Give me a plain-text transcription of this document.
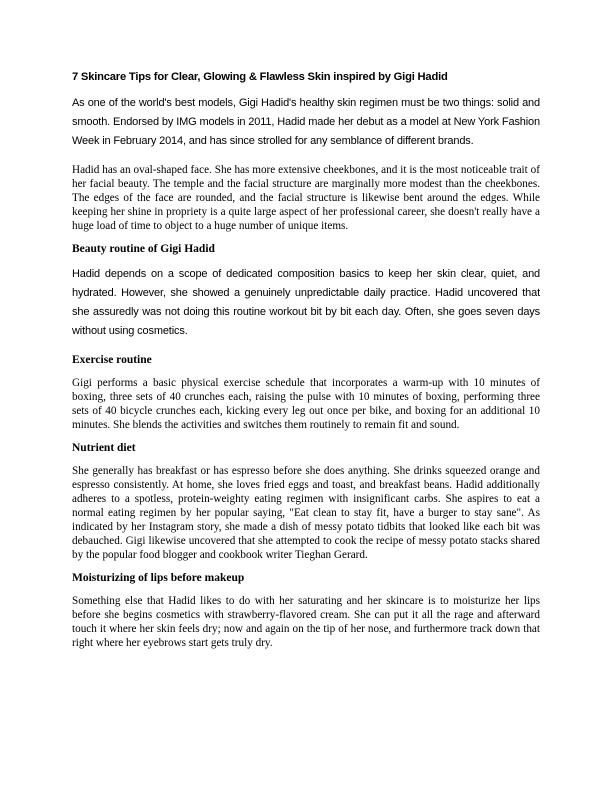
7 Skincare Tips for Clear, Glowing & Flawless Skin inspired by Gigi Hadid

As one of the world's best models, Gigi Hadid's healthy skin regimen must be two things: solid and smooth. Endorsed by IMG models in 2011, Hadid made her debut as a model at New York Fashion Week in February 2014, and has since strolled for any semblance of different brands.

Hadid has an oval-shaped face. She has more extensive cheekbones, and it is the most noticeable trait of her facial beauty. The temple and the facial structure are marginally more modest than the cheekbones. The edges of the face are rounded, and the facial structure is likewise bent around the edges. While keeping her shine in propriety is a quite large aspect of her professional career, she doesn't really have a huge load of time to object to a huge number of unique items.

Beauty routine of Gigi Hadid

Hadid depends on a scope of dedicated composition basics to keep her skin clear, quiet, and hydrated. However, she showed a genuinely unpredictable daily practice. Hadid uncovered that she assuredly was not doing this routine workout bit by bit each day. Often, she goes seven days without using cosmetics.

Exercise routine

Gigi performs a basic physical exercise schedule that incorporates a warm-up with 10 minutes of boxing, three sets of 40 crunches each, raising the pulse with 10 minutes of boxing, performing three sets of 40 bicycle crunches each, kicking every leg out once per bike, and boxing for an additional 10 minutes. She blends the activities and switches them routinely to remain fit and sound.

Nutrient diet

She generally has breakfast or has espresso before she does anything. She drinks squeezed orange and espresso consistently. At home, she loves fried eggs and toast, and breakfast beans. Hadid additionally adheres to a spotless, protein-weighty eating regimen with insignificant carbs. She aspires to eat a normal eating regimen by her popular saying, "Eat clean to stay fit, have a burger to stay sane". As indicated by her Instagram story, she made a dish of messy potato tidbits that looked like each bit was debauched. Gigi likewise uncovered that she attempted to cook the recipe of messy potato stacks shared by the popular food blogger and cookbook writer Tieghan Gerard.

Moisturizing of lips before makeup

Something else that Hadid likes to do with her saturating and her skincare is to moisturize her lips before she begins cosmetics with strawberry-flavored cream. She can put it all the rage and afterward touch it where her skin feels dry; now and again on the tip of her nose, and furthermore track down that right where her eyebrows start gets truly dry.
